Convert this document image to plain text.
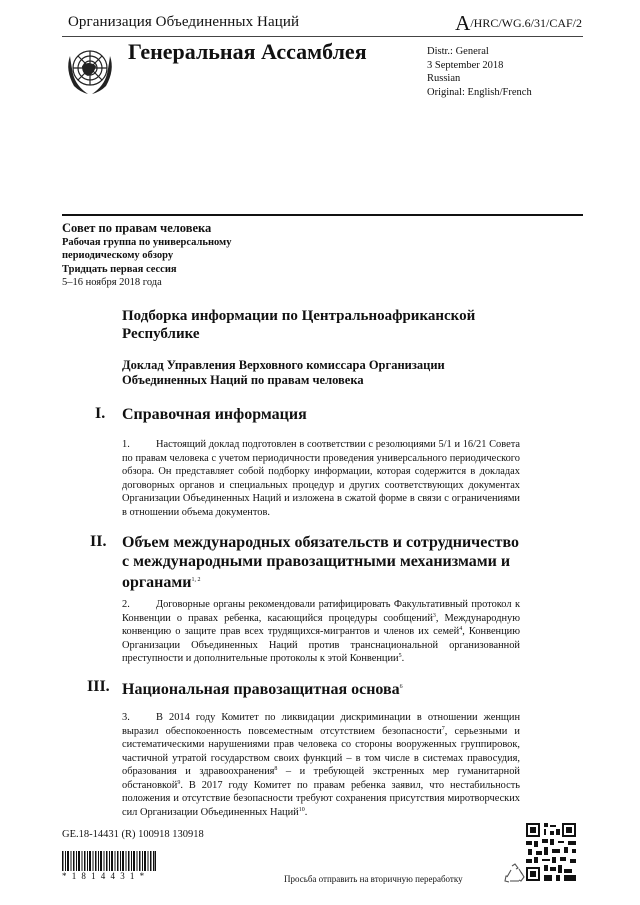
Организация Объединенных Наций	A/HRC/WG.6/31/CAF/2
Генеральная Ассамблея	Distr.: General
3 September 2018
Russian
Original: English/French
Совет по правам человека
Рабочая группа по универсальному
периодическому обзору
Тридцать первая сессия
5–16 ноября 2018 года
Подборка информации по Центральноафриканской Республике
Доклад Управления Верховного комиссара Организации Объединенных Наций по правам человека
I. Справочная информация
1.	Настоящий доклад подготовлен в соответствии с резолюциями 5/1 и 16/21 Совета по правам человека с учетом периодичности проведения универсального периодического обзора. Он представляет собой подборку информации, которая содержится в докладах договорных органов и специальных процедур и других соответствующих документах Организации Объединенных Наций и изложена в сжатой форме в связи с ограничениями в отношении объема документов.
II. Объем международных обязательств и сотрудничество с международными правозащитными механизмами и органами$^{1, 2}$
2.	Договорные органы рекомендовали ратифицировать Факультативный протокол к Конвенции о правах ребенка, касающийся процедуры сообщений$^3$, Международную конвенцию о защите прав всех трудящихся-мигрантов и членов их семей$^4$, Конвенцию Организации Объединенных Наций против транснациональной организованной преступности и дополнительные протоколы к этой Конвенции$^5$.
III. Национальная правозащитная основа$^6$
3.	В 2014 году Комитет по ликвидации дискриминации в отношении женщин выразил обеспокоенность повсеместным отсутствием безопасности$^7$, серьезными и систематическими нарушениями прав человека со стороны вооруженных группировок, частичной утратой государством своих функций – в том числе в системах правосудия, образования и здравоохранения$^8$ – и требующей экстренных мер гуманитарной обстановкой$^9$. В 2017 году Комитет по правам ребенка заявил, что нестабильность положения и отсутствие безопасности требуют сохранения присутствия миротворческих сил Организации Объединенных Наций$^{10}$.
GE.18-14431 (R) 100918 130918
*1814431*	Просьба отправить на вторичную переработку
